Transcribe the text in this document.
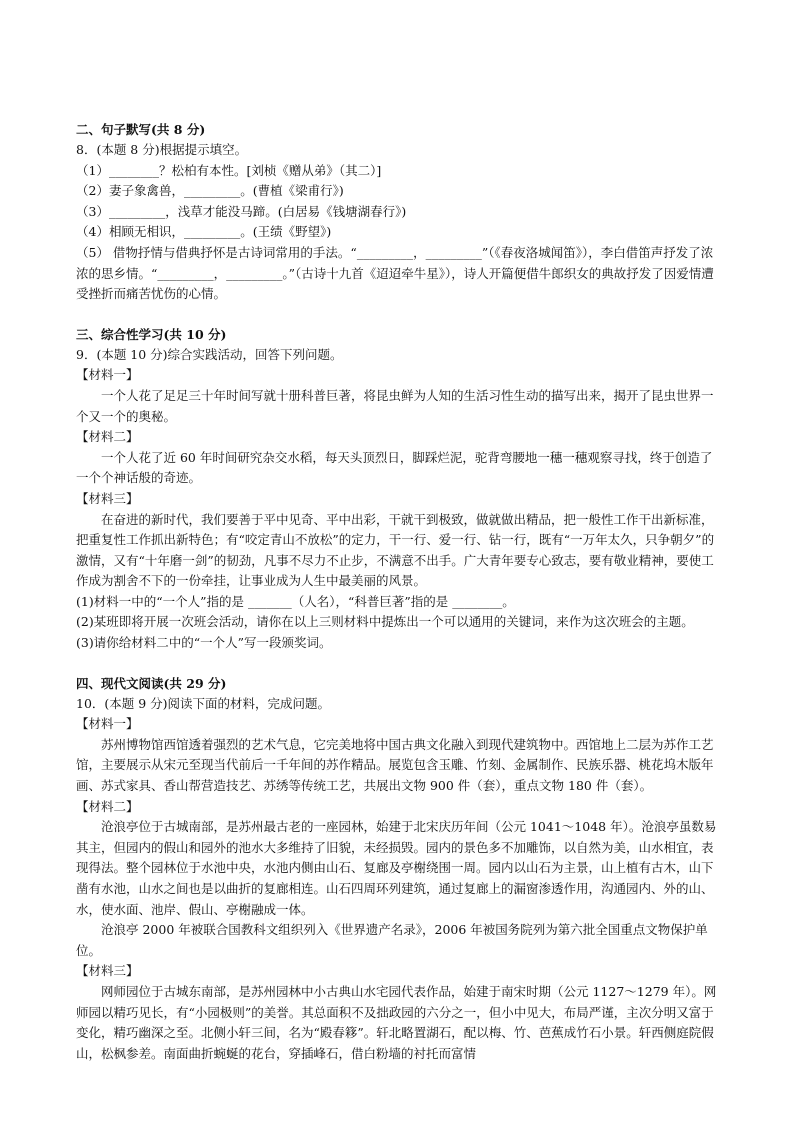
二、句子默写(共 8 分)

8．(本题 8 分)根据提示填空。

（1）________？松柏有本性。[刘桢《赠从弟》（其二）]

（2）妻子象禽兽，_________。(曹植《梁甫行》)

（3）_________，浅草才能没马蹄。(白居易《钱塘湖春行》)

（4）相顾无相识，_________。(王绩《野望》)

（5） 借物抒情与借典抒怀是古诗词常用的手法。“_________，_________”（《春夜洛城闻笛》），李白借笛声抒发了浓浓的思乡情。“_________，_________。”（古诗十九首《迢迢牵牛星》），诗人开篇便借牛郎织女的典故抒发了因爱情遭受挫折而痛苦忧伤的心情。

三、综合性学习(共 10 分)

9．(本题 10 分)综合实践活动，回答下列问题。

【材料一】

一个人花了足足三十年时间写就十册科普巨著，将昆虫鲜为人知的生活习性生动的描写出来，揭开了昆虫世界一个又一个的奥秘。

【材料二】

一个人花了近 60 年时间研究杂交水稻，每天头顶烈日，脚踩烂泥，驼背弯腰地一穗一穗观察寻找，终于创造了一个个神话般的奇迹。

【材料三】

在奋进的新时代，我们要善于平中见奇、平中出彩，干就干到极致，做就做出精品，把一般性工作干出新标准，把重复性工作抓出新特色；有“咬定青山不放松”的定力，干一行、爱一行、钻一行，既有“一万年太久，只争朝夕”的激情，又有“十年磨一剑”的韧劲，凡事不尽力不止步，不满意不出手。广大青年要专心致志，要有敬业精神，要使工作成为割舍不下的一份牵挂，让事业成为人生中最美丽的风景。

(1)材料一中的“一个人”指的是 _______（人名），“科普巨著”指的是 ________。

(2)某班即将开展一次班会活动，请你在以上三则材料中提炼出一个可以通用的关键词，来作为这次班会的主题。

(3)请你给材料二中的“一个人”写一段颁奖词。

四、现代文阅读(共 29 分)

10．(本题 9 分)阅读下面的材料，完成问题。

【材料一】

苏州博物馆西馆透着强烈的艺术气息，它完美地将中国古典文化融入到现代建筑物中。西馆地上二层为苏作工艺馆，主要展示从宋元至现当代前后一千年间的苏作精品。展览包含玉雕、竹刻、金属制作、民族乐器、桃花坞木版年画、苏式家具、香山帮营造技艺、苏绣等传统工艺，共展出文物 900 件（套），重点文物 180 件（套）。

【材料二】

沧浪亭位于古城南部，是苏州最古老的一座园林，始建于北宋庆历年间（公元 1041～1048 年）。沧浪亭虽数易其主，但园内的假山和园外的池水大多维持了旧貌，未经损毁。园内的景色多不加雕饰，以自然为美，山水相宜，表现得法。整个园林位于水池中央，水池内侧由山石、复廊及亭榭绕围一周。园内以山石为主景，山上植有古木，山下凿有水池，山水之间也是以曲折的复廊相连。山石四周环列建筑，通过复廊上的漏窗渗透作用，沟通园内、外的山、水，使水面、池岸、假山、亭榭融成一体。

沧浪亭 2000 年被联合国教科文组织列入《世界遗产名录》，2006 年被国务院列为第六批全国重点文物保护单位。

【材料三】

网师园位于古城东南部，是苏州园林中小古典山水宅园代表作品，始建于南宋时期（公元 1127～1279 年）。网师园以精巧见长，有“小园极则”的美誉。其总面积不及拙政园的六分之一，但小中见大，布局严谨，主次分明又富于变化，精巧幽深之至。北侧小轩三间，名为“殿春簃”。轩北略置湖石，配以梅、竹、芭蕉成竹石小景。轩西侧庭院假山，松枫参差。南面曲折蜿蜒的花台，穿插峰石，借白粉墙的衬托而富情
